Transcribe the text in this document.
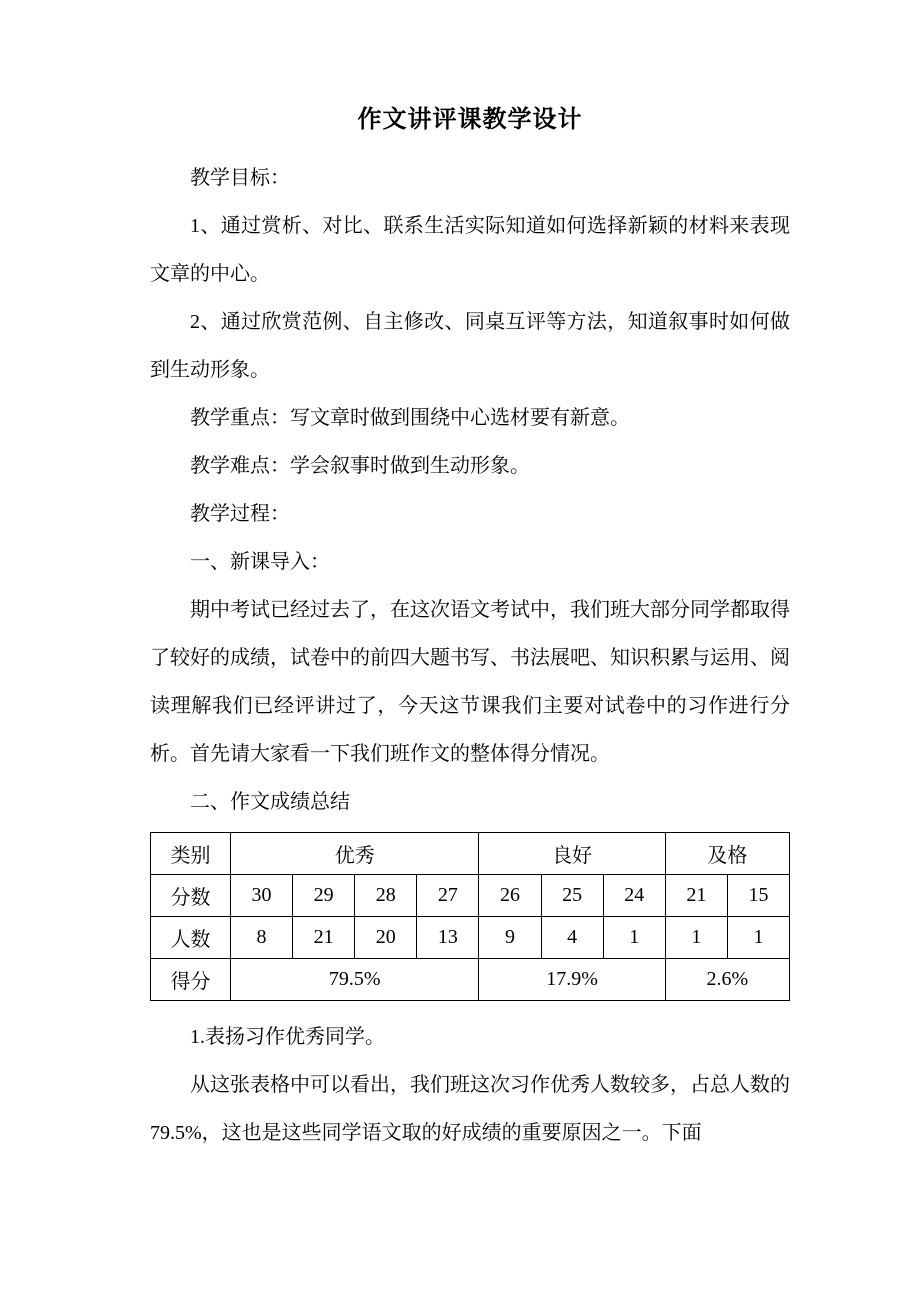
作文讲评课教学设计

教学目标：

1、通过赏析、对比、联系生活实际知道如何选择新颖的材料来表现文章的中心。

2、通过欣赏范例、自主修改、同桌互评等方法，知道叙事时如何做到生动形象。

教学重点：写文章时做到围绕中心选材要有新意。

教学难点：学会叙事时做到生动形象。

教学过程：

一、新课导入：

期中考试已经过去了，在这次语文考试中，我们班大部分同学都取得了较好的成绩，试卷中的前四大题书写、书法展吧、知识积累与运用、阅读理解我们已经评讲过了，今天这节课我们主要对试卷中的习作进行分析。首先请大家看一下我们班作文的整体得分情况。

二、作文成绩总结

类别	优秀				良好			及格	
分数	30	29	28	27	26	25	24	21	15
人数	8	21	20	13	9	4	1	1	1
得分	79.5%				17.9%			2.6%	

1.表扬习作优秀同学。

从这张表格中可以看出，我们班这次习作优秀人数较多，占总人数的 79.5%，这也是这些同学语文取的好成绩的重要原因之一。下面
